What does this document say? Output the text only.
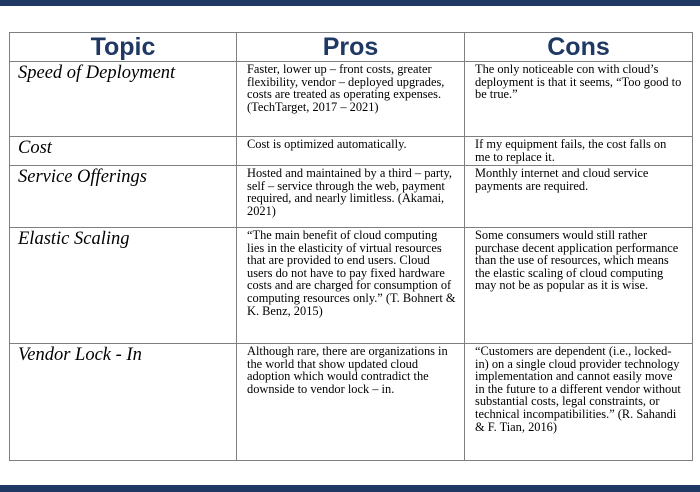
Topic	Pros	Cons
Speed of Deployment	Faster, lower up – front costs, greater flexibility, vendor – deployed upgrades, costs are treated as operating expenses. (TechTarget, 2017 – 2021)	The only noticeable con with cloud’s deployment is that it seems, “Too good to be true.”
Cost	Cost is optimized automatically.	If my equipment fails, the cost falls on me to replace it.
Service Offerings	Hosted and maintained by a third – party, self – service through the web, payment required, and nearly limitless. (Akamai, 2021)	Monthly internet and cloud service payments are required.
Elastic Scaling	“The main benefit of cloud computing lies in the elasticity of virtual resources that are provided to end users. Cloud users do not have to pay fixed hardware costs and are charged for consumption of computing resources only.” (T. Bohnert & K. Benz, 2015)	Some consumers would still rather purchase decent application performance than the use of resources, which means the elastic scaling of cloud computing may not be as popular as it is wise.
Vendor Lock - In	Although rare, there are organizations in the world that show updated cloud adoption which would contradict the downside to vendor lock – in.	“Customers are dependent (i.e., locked-in) on a single cloud provider technology implementation and cannot easily move in the future to a different vendor without substantial costs, legal constraints, or technical incompatibilities.” (R. Sahandi & F. Tian, 2016)
